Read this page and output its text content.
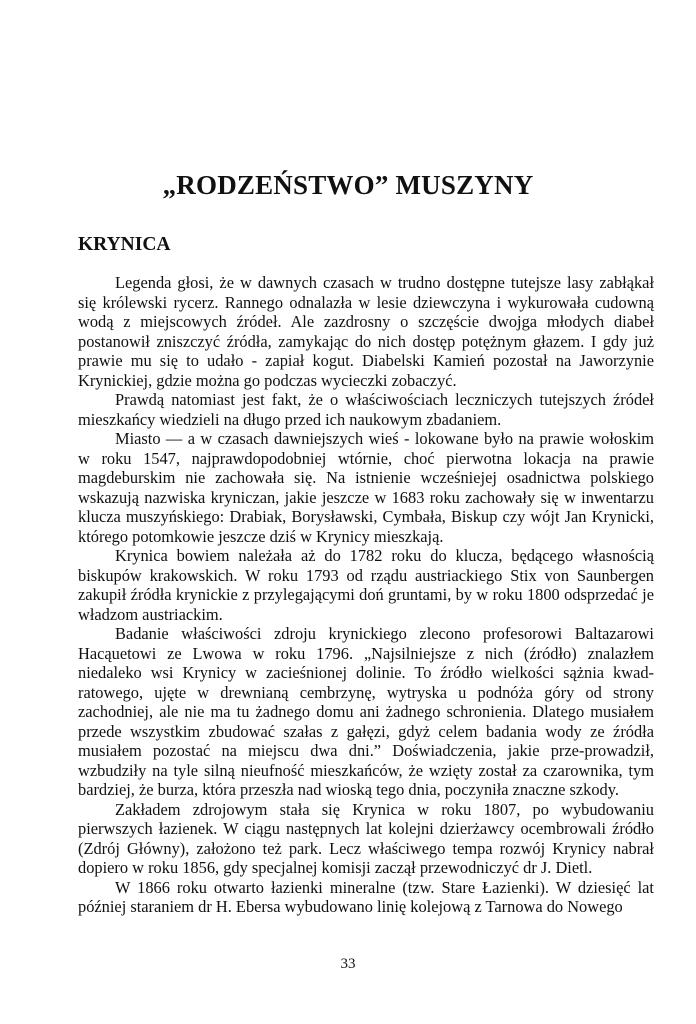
„RODZEŃSTWO” MUSZYNY
KRYNICA

Legenda głosi, że w dawnych czasach w trudno dostępne tutejsze lasy zabłąkał się królewski rycerz. Rannego odnalazła w lesie dziewczyna i wykurowała cudowną wodą z miejscowych źródeł. Ale zazdrosny o szczęście dwojga młodych diabeł postanowił zniszczyć źródła, zamykając do nich dostęp potężnym głazem. I gdy już prawie mu się to udało - zapiał kogut. Diabelski Kamień pozostał na Jaworzynie Krynickiej, gdzie można go podczas wycieczki zobaczyć.

Prawdą natomiast jest fakt, że o właściwościach leczniczych tutejszych źródeł mieszkańcy wiedzieli na długo przed ich naukowym zbadaniem.

Miasto — a w czasach dawniejszych wieś - lokowane było na prawie wołoskim w roku 1547, najprawdopodobniej wtórnie, choć pierwotna lokacja na prawie magdeburskim nie zachowała się. Na istnienie wcześniejej osadnictwa polskiego wskazują nazwiska kryniczan, jakie jeszcze w 1683 roku zachowały się w inwentarzu klucza muszyńskiego: Drabiak, Borysławski, Cymbała, Biskup czy wójt Jan Krynicki, którego potomkowie jeszcze dziś w Krynicy mieszkają.

Krynica bowiem należała aż do 1782 roku do klucza, będącego własnością biskupów krakowskich. W roku 1793 od rządu austriackiego Stix von Saunbergen zakupił źródła krynickie z przylegającymi doń gruntami, by w roku 1800 odsprzedać je władzom austriackim.

Badanie właściwości zdroju krynickiego zlecono profesorowi Baltazarowi Hacąuetowi ze Lwowa w roku 1796. „Najsilniejsze z nich (źródło) znalazłem niedaleko wsi Krynicy w zacieśnionej dolinie. To źródło wielkości sążnia kwad-ratowego, ujęte w drewnianą cembrzynę, wytryska u podnóża góry od strony zachodniej, ale nie ma tu żadnego domu ani żadnego schronienia. Dlatego musiałem przede wszystkim zbudować szałas z gałęzi, gdyż celem badania wody ze źródła musiałem pozostać na miejscu dwa dni.” Doświadczenia, jakie prze-prowadził, wzbudziły na tyle silną nieufność mieszkańców, że wzięty został za czarownika, tym bardziej, że burza, która przeszła nad wioską tego dnia, poczyniła znaczne szkody.

Zakładem zdrojowym stała się Krynica w roku 1807, po wybudowaniu pierwszych łazienek. W ciągu następnych lat kolejni dzierżawcy ocembrowali źródło (Zdrój Główny), założono też park. Lecz właściwego tempa rozwój Krynicy nabrał dopiero w roku 1856, gdy specjalnej komisji zaczął przewodniczyć dr J. Dietl.

W 1866 roku otwarto łazienki mineralne (tzw. Stare Łazienki). W dziesięć lat później staraniem dr H. Ebersa wybudowano linię kolejową z Tarnowa do Nowego

33
